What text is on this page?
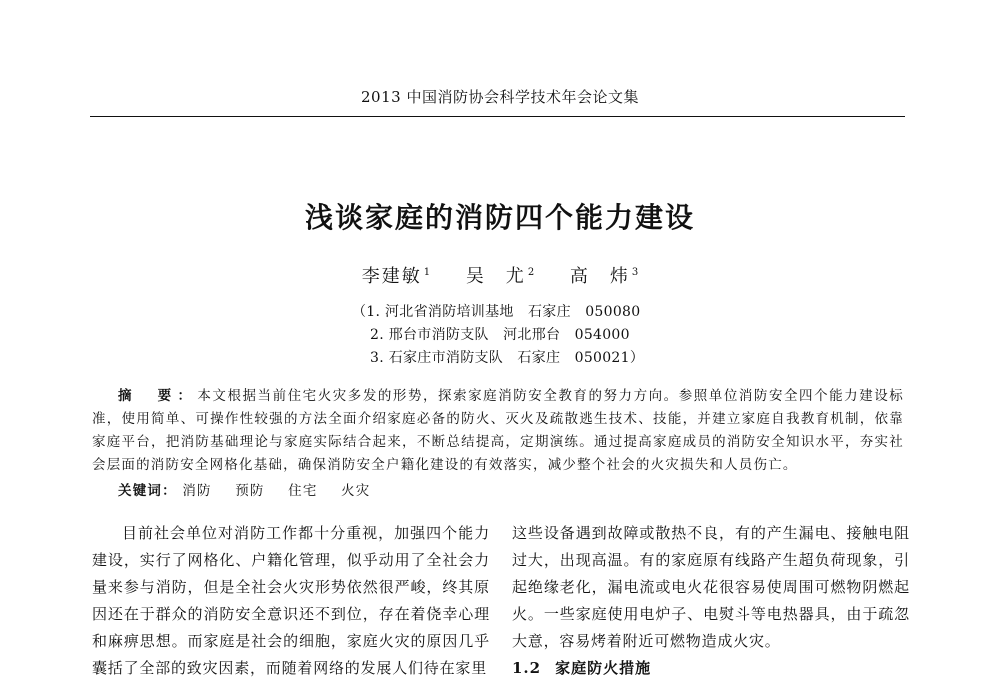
2013 中国消防协会科学技术年会论文集
浅谈家庭的消防四个能力建设
李建敏 $^1$ 吴　尤 $^2$ 高　炜 $^3$
（1. 河北省消防培训基地　石家庄　050080
2. 邢台市消防支队　河北邢台　054000
3. 石家庄市消防支队　石家庄　050021）
摘　要：本文根据当前住宅火灾多发的形势，探索家庭消防安全教育的努力方向。参照单位消防安全四个能力建设标准，使用简单、可操作性较强的方法全面介绍家庭必备的防火、灭火及疏散逃生技术、技能，并建立家庭自我教育机制，依靠家庭平台，把消防基础理论与家庭实际结合起来，不断总结提高，定期演练。通过提高家庭成员的消防安全知识水平，夯实社会层面的消防安全网格化基础，确保消防安全户籍化建设的有效落实，减少整个社会的火灾损失和人员伤亡。
关键词： 消防 预防 住宅 火灾
目前社会单位对消防工作都十分重视，加强四个能力建设，实行了网格化、户籍化管理，似乎动用了全社会力量来参与消防，但是全社会火灾形势依然很严峻，终其原因还在于群众的消防安全意识还不到位，存在着侥幸心理和麻痹思想。而家庭是社会的细胞，家庭火灾的原因几乎囊括了全部的致灾因素，而随着网络的发展人们待在家里
这些设备遇到故障或散热不良，有的产生漏电、接触电阻过大，出现高温。有的家庭原有线路产生超负荷现象，引起绝缘老化，漏电流或电火花很容易使周围可燃物阴燃起火。一些家庭使用电炉子、电熨斗等电热器具，由于疏忽大意，容易烤着附近可燃物造成火灾。
1.2 家庭防火措施
